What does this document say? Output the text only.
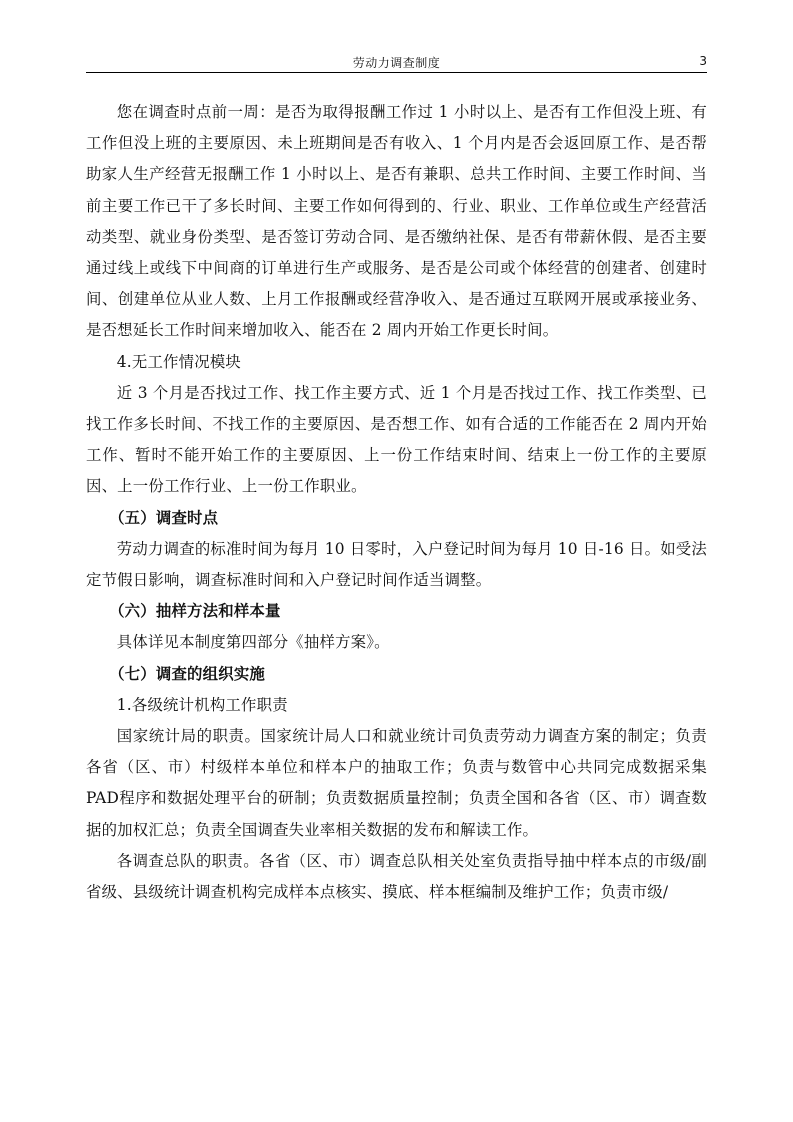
劳动力调查制度	3

您在调查时点前一周：是否为取得报酬工作过 1 小时以上、是否有工作但没上班、有工作但没上班的主要原因、未上班期间是否有收入、1 个月内是否会返回原工作、是否帮助家人生产经营无报酬工作 1 小时以上、是否有兼职、总共工作时间、主要工作时间、当前主要工作已干了多长时间、主要工作如何得到的、行业、职业、工作单位或生产经营活动类型、就业身份类型、是否签订劳动合同、是否缴纳社保、是否有带薪休假、是否主要通过线上或线下中间商的订单进行生产或服务、是否是公司或个体经营的创建者、创建时间、创建单位从业人数、上月工作报酬或经营净收入、是否通过互联网开展或承接业务、是否想延长工作时间来增加收入、能否在 2 周内开始工作更长时间。

4.无工作情况模块

近 3 个月是否找过工作、找工作主要方式、近 1 个月是否找过工作、找工作类型、已找工作多长时间、不找工作的主要原因、是否想工作、如有合适的工作能否在 2 周内开始工作、暂时不能开始工作的主要原因、上一份工作结束时间、结束上一份工作的主要原因、上一份工作行业、上一份工作职业。

（五）调查时点

劳动力调查的标准时间为每月 10 日零时，入户登记时间为每月 10 日-16 日。如受法定节假日影响，调查标准时间和入户登记时间作适当调整。

（六）抽样方法和样本量

具体详见本制度第四部分《抽样方案》。

（七）调查的组织实施

1.各级统计机构工作职责

国家统计局的职责。国家统计局人口和就业统计司负责劳动力调查方案的制定；负责各省（区、市）村级样本单位和样本户的抽取工作；负责与数管中心共同完成数据采集PAD程序和数据处理平台的研制；负责数据质量控制；负责全国和各省（区、市）调查数据的加权汇总；负责全国调查失业率相关数据的发布和解读工作。

各调查总队的职责。各省（区、市）调查总队相关处室负责指导抽中样本点的市级/副省级、县级统计调查机构完成样本点核实、摸底、样本框编制及维护工作；负责市级/
